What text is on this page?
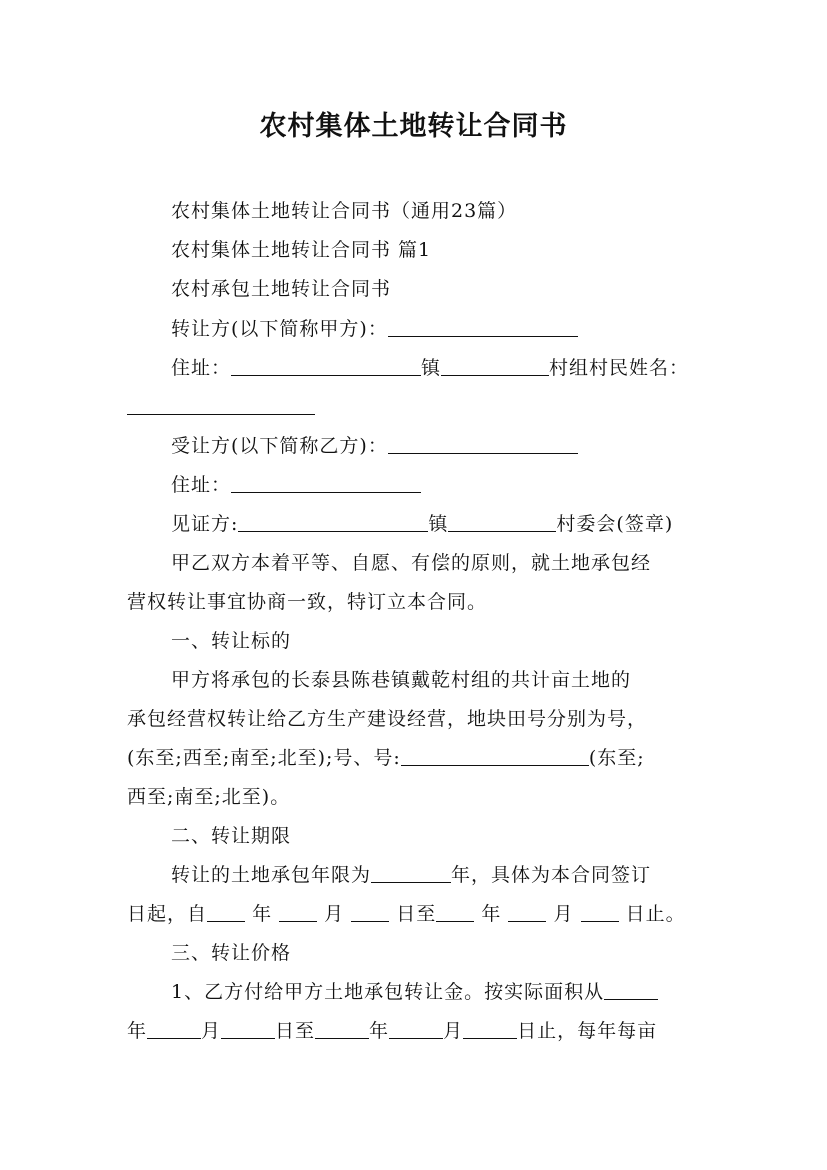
农村集体土地转让合同书
农村集体土地转让合同书（通用23篇）
农村集体土地转让合同书 篇1
农村承包土地转让合同书
转让方(以下简称甲方)：
住址：	镇	村组村民姓名：
受让方(以下简称乙方)：
住址：
见证方:	镇	村委会(签章)
甲乙双方本着平等、自愿、有偿的原则，就土地承包经
营权转让事宜协商一致，特订立本合同。
一、转让标的
甲方将承包的长泰县陈巷镇戴乾村组的共计亩土地的
承包经营权转让给乙方生产建设经营，地块田号分别为号，
(东至;西至;南至;北至);号、号:	(东至;
西至;南至;北至)。
二、转让期限
转让的土地承包年限为	年，具体为本合同签订
日起，自 年	月	日至 年	月	日止。
三、转让价格
1、乙方付给甲方土地承包转让金。按实际面积从
年	月	日至	年	月	日止，每年每亩
